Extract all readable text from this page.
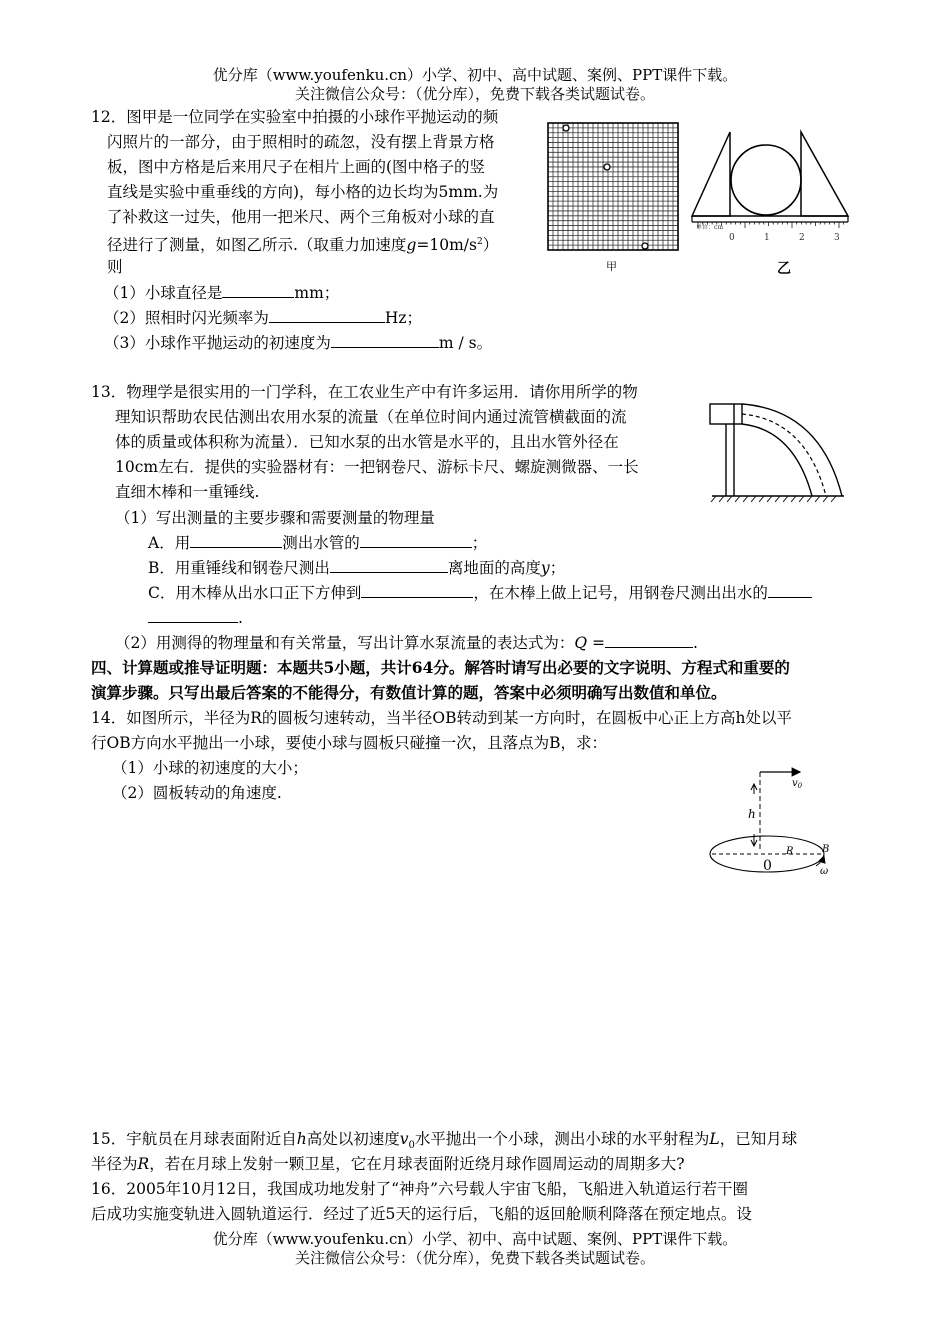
优分库（www.youfenku.cn）小学、初中、高中试题、案例、PPT课件下载。
关注微信公众号：（优分库），免费下载各类试题试卷。
12．图甲是一位同学在实验室中拍摄的小球作平抛运动的频
闪照片的一部分，由于照相时的疏忽，没有摆上背景方格
板，图中方格是后来用尺子在相片上画的(图中格子的竖
直线是实验中重垂线的方向)，每小格的边长均为5mm.为
了补救这一过失，他用一把米尺、两个三角板对小球的直
径进行了测量，如图乙所示.（取重力加速度$g=10m/s^2$）
则
（1）小球直径是	mm；
（2）照相时闪光频率为	Hz；
（3）小球作平抛运动的初速度为	m / s。
甲
单位：cm
0	1	2	3
乙
13．物理学是很实用的一门学科，在工农业生产中有许多运用．请你用所学的物
理知识帮助农民估测出农用水泵的流量（在单位时间内通过流管横截面的流
体的质量或体积称为流量）．已知水泵的出水管是水平的，且出水管外径在
10cm左右．提供的实验器材有：一把钢卷尺、游标卡尺、螺旋测微器、一长
直细木棒和一重锤线.
（1）写出测量的主要步骤和需要测量的物理量
A．用	测出水管的	；
B．用重锤线和钢卷尺测出	离地面的高度y；
C．用木棒从出水口正下方伸到	，在木棒上做上记号，用钢卷尺测出出水的
.
（2）用测得的物理量和有关常量，写出计算水泵流量的表达式为：Q =	.
四、计算题或推导证明题：本题共5小题，共计64分。解答时请写出必要的文字说明、方程式和重要的
演算步骤。只写出最后答案的不能得分，有数值计算的题，答案中必须明确写出数值和单位。
14．如图所示，半径为R的圆板匀速转动，当半径OB转动到某一方向时，在圆板中心正上方高h处以平
行OB方向水平抛出一小球，要使小球与圆板只碰撞一次，且落点为B，求：
（1）小球的初速度的大小；
（2）圆板转动的角速度.
$v_0$
h
R	B
0	ω
15．宇航员在月球表面附近自h高处以初速度$v_0$水平抛出一个小球，测出小球的水平射程为L，已知月球
半径为R，若在月球上发射一颗卫星，它在月球表面附近绕月球作圆周运动的周期多大?
16．2005年10月12日，我国成功地发射了“神舟”六号载人宇宙飞船，飞船进入轨道运行若干圈
后成功实施变轨进入圆轨道运行．经过了近5天的运行后，飞船的返回舱顺利降落在预定地点。设
优分库（www.youfenku.cn）小学、初中、高中试题、案例、PPT课件下载。
关注微信公众号：（优分库），免费下载各类试题试卷。
